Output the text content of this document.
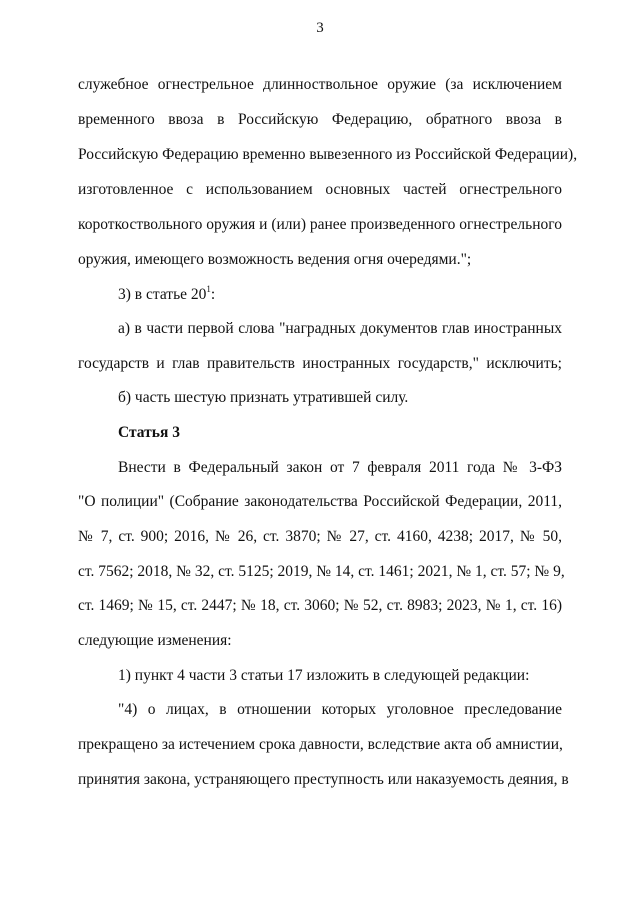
3
служебное огнестрельное длинноствольное оружие (за исключением
временного ввоза в Российскую Федерацию, обратного ввоза в
Российскую Федерацию временно вывезенного из Российской Федерации),
изготовленное с использованием основных частей огнестрельного
короткоствольного оружия и (или) ранее произведенного огнестрельного
оружия, имеющего возможность ведения огня очередями.";
3) в статье $20^1$:
а) в части первой слова "наградных документов глав иностранных
государств и глав правительств иностранных государств," исключить;
б) часть шестую признать утратившей силу.
Статья 3
Внести в Федеральный закон от 7 февраля 2011 года № 3-ФЗ
"О полиции" (Собрание законодательства Российской Федерации, 2011,
№ 7, ст. 900; 2016, № 26, ст. 3870; № 27, ст. 4160, 4238; 2017, № 50,
ст. 7562; 2018, № 32, ст. 5125; 2019, № 14, ст. 1461; 2021, № 1, ст. 57; № 9,
ст. 1469; № 15, ст. 2447; № 18, ст. 3060; № 52, ст. 8983; 2023, № 1, ст. 16)
следующие изменения:
1) пункт 4 части 3 статьи 17 изложить в следующей редакции:
"4) о лицах, в отношении которых уголовное преследование
прекращено за истечением срока давности, вследствие акта об амнистии,
принятия закона, устраняющего преступность или наказуемость деяния, в
